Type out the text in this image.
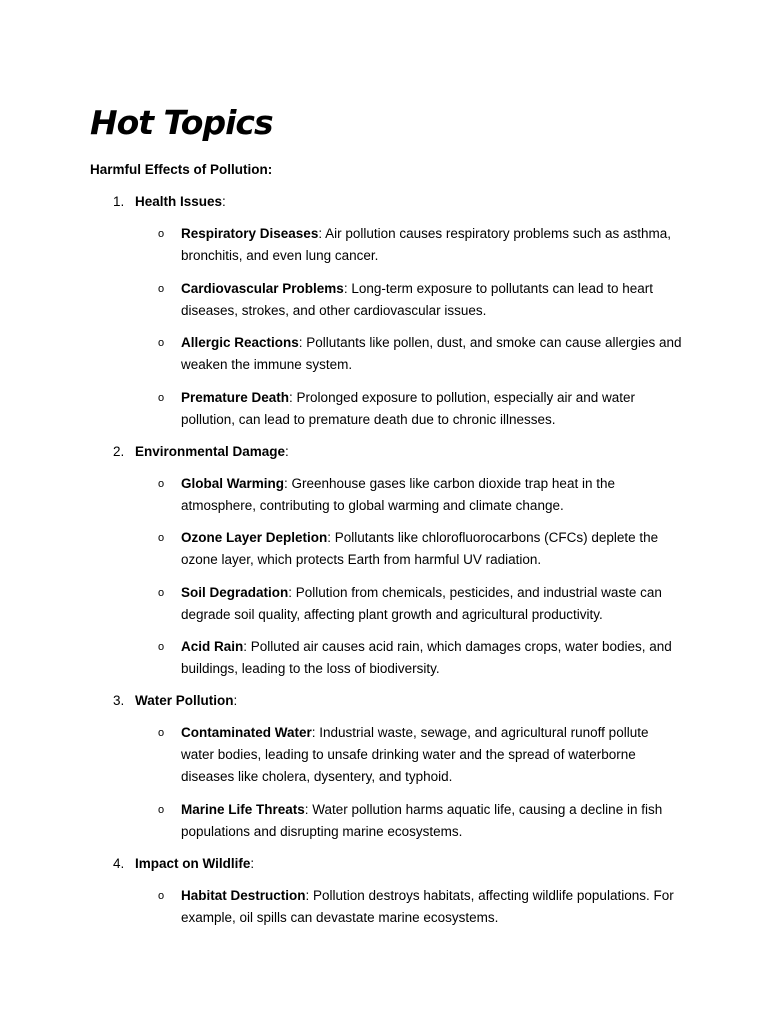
Hot Topics

Harmful Effects of Pollution:

1. Health Issues:
o Respiratory Diseases: Air pollution causes respiratory problems such as asthma, bronchitis, and even lung cancer.
o Cardiovascular Problems: Long-term exposure to pollutants can lead to heart diseases, strokes, and other cardiovascular issues.
o Allergic Reactions: Pollutants like pollen, dust, and smoke can cause allergies and weaken the immune system.
o Premature Death: Prolonged exposure to pollution, especially air and water pollution, can lead to premature death due to chronic illnesses.
2. Environmental Damage:
o Global Warming: Greenhouse gases like carbon dioxide trap heat in the atmosphere, contributing to global warming and climate change.
o Ozone Layer Depletion: Pollutants like chlorofluorocarbons (CFCs) deplete the ozone layer, which protects Earth from harmful UV radiation.
o Soil Degradation: Pollution from chemicals, pesticides, and industrial waste can degrade soil quality, affecting plant growth and agricultural productivity.
o Acid Rain: Polluted air causes acid rain, which damages crops, water bodies, and buildings, leading to the loss of biodiversity.
3. Water Pollution:
o Contaminated Water: Industrial waste, sewage, and agricultural runoff pollute water bodies, leading to unsafe drinking water and the spread of waterborne diseases like cholera, dysentery, and typhoid.
o Marine Life Threats: Water pollution harms aquatic life, causing a decline in fish populations and disrupting marine ecosystems.
4. Impact on Wildlife:
o Habitat Destruction: Pollution destroys habitats, affecting wildlife populations. For example, oil spills can devastate marine ecosystems.
